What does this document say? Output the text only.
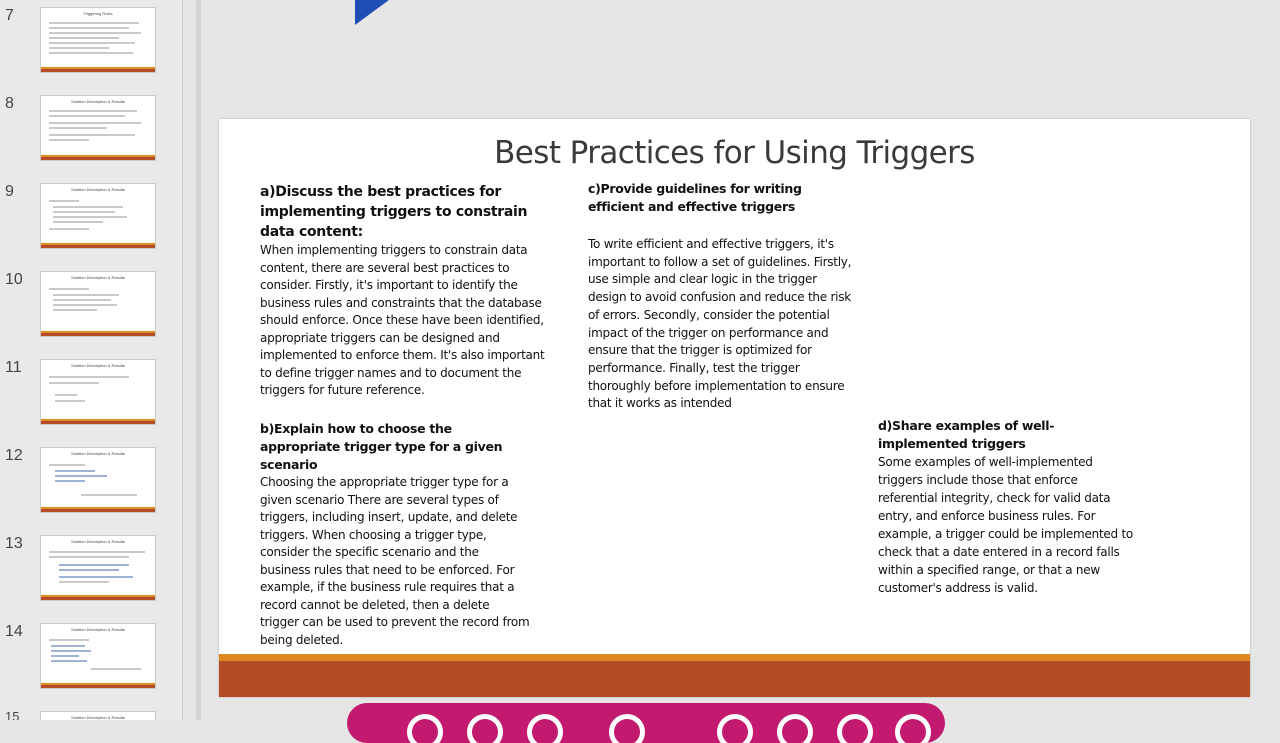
7	Triggering Rules
8	Solution Description & Results
9	Solution Description & Results
10	Solution Description & Results
11	Solution Description & Results
12	Solution Description & Results
13	Solution Description & Results
14	Solution Description & Results
15	Solution Description & Results
Best Practices for Using Triggers
a)Discuss the best practices for implementing triggers to constrain data content:
When implementing triggers to constrain data content, there are several best practices to consider. Firstly, it's important to identify the business rules and constraints that the database should enforce. Once these have been identified, appropriate triggers can be designed and implemented to enforce them. It's also important to define trigger names and to document the triggers for future reference.
b)Explain how to choose the appropriate trigger type for a given scenario
Choosing the appropriate trigger type for a given scenario There are several types of triggers, including insert, update, and delete triggers. When choosing a trigger type, consider the specific scenario and the business rules that need to be enforced. For example, if the business rule requires that a record cannot be deleted, then a delete trigger can be used to prevent the record from being deleted.
c)Provide guidelines for writing efficient and effective triggers
To write efficient and effective triggers, it's important to follow a set of guidelines. Firstly, use simple and clear logic in the trigger design to avoid confusion and reduce the risk of errors. Secondly, consider the potential impact of the trigger on performance and ensure that the trigger is optimized for performance. Finally, test the trigger thoroughly before implementation to ensure that it works as intended
d)Share examples of well-implemented triggers
Some examples of well-implemented triggers include those that enforce referential integrity, check for valid data entry, and enforce business rules. For example, a trigger could be implemented to check that a date entered in a record falls within a specified range, or that a new customer's address is valid.
